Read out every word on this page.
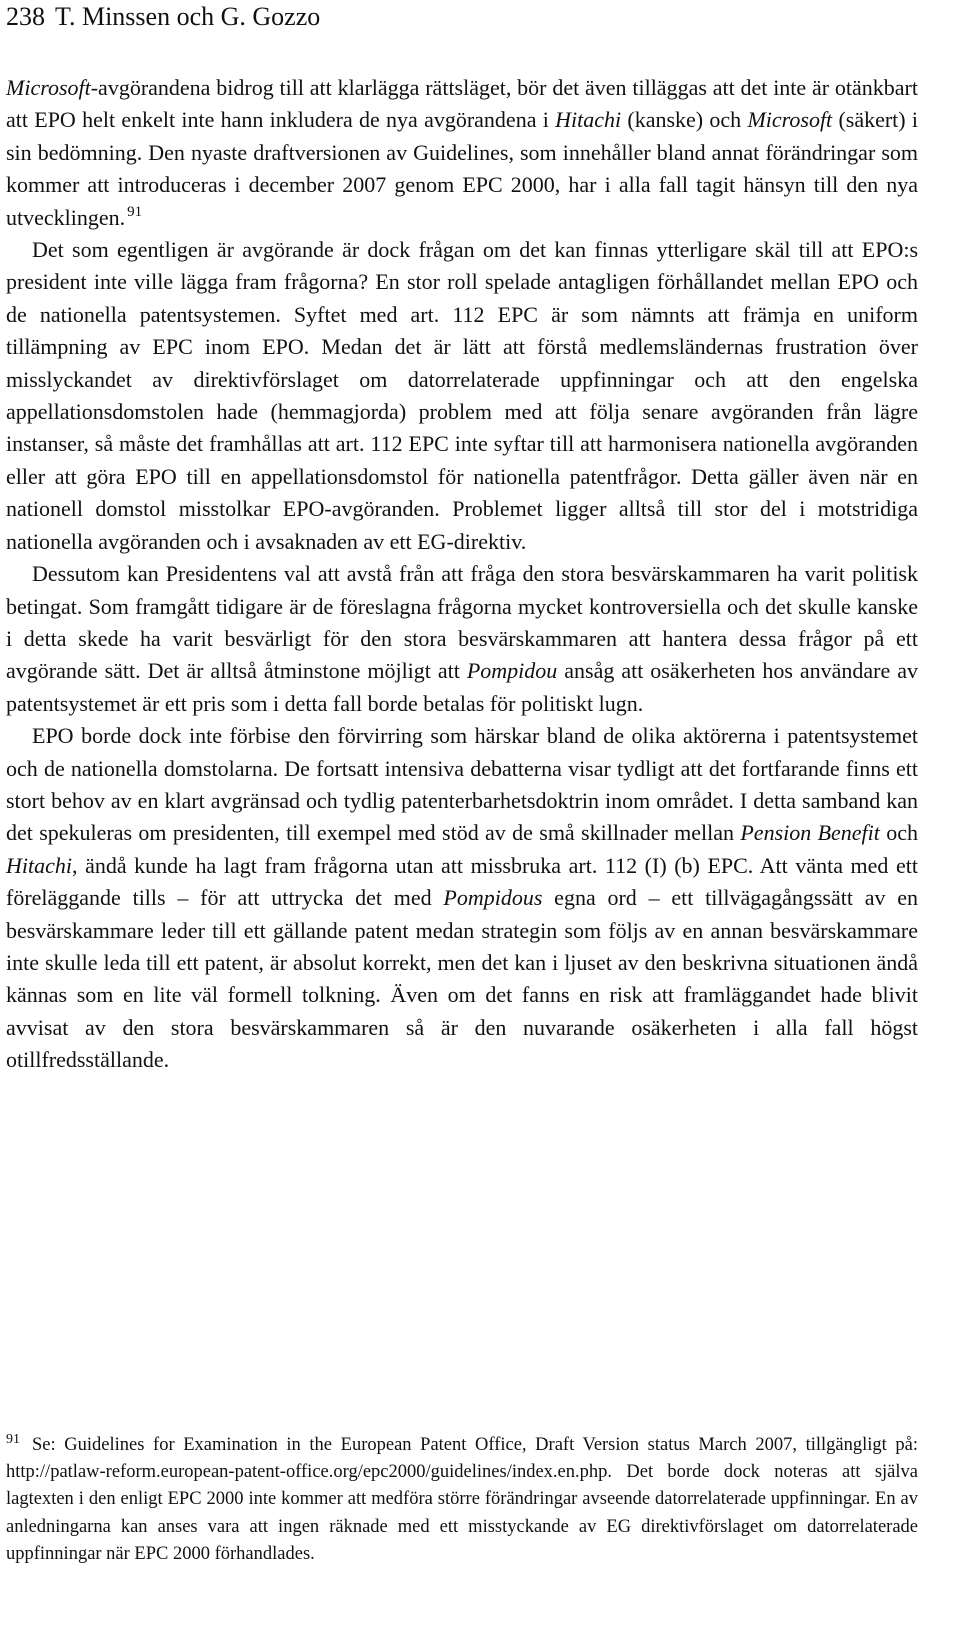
238 T. Minssen och G. Gozzo

Microsoft-avgörandena bidrog till att klarlägga rättsläget, bör det även tilläggas att det inte är otänkbart att EPO helt enkelt inte hann inkludera de nya avgörandena i Hitachi (kanske) och Microsoft (säkert) i sin bedömning. Den nyaste draftversionen av Guidelines, som innehåller bland annat förändringar som kommer att introduceras i december 2007 genom EPC 2000, har i alla fall tagit hänsyn till den nya utvecklingen. $^{91}$

Det som egentligen är avgörande är dock frågan om det kan finnas ytterligare skäl till att EPO:s president inte ville lägga fram frågorna? En stor roll spelade antagligen förhållandet mellan EPO och de nationella patentsystemen. Syftet med art. 112 EPC är som nämnts att främja en uniform tillämpning av EPC inom EPO. Medan det är lätt att förstå medlemsländernas frustration över misslyckandet av direktivförslaget om datorrelaterade uppfinningar och att den engelska appellationsdomstolen hade (hemmagjorda) problem med att följa senare avgöranden från lägre instanser, så måste det framhållas att art. 112 EPC inte syftar till att harmonisera nationella avgöranden eller att göra EPO till en appellationsdomstol för nationella patentfrågor. Detta gäller även när en nationell domstol misstolkar EPO-avgöranden. Problemet ligger alltså till stor del i motstridiga nationella avgöranden och i avsaknaden av ett EG-direktiv.

Dessutom kan Presidentens val att avstå från att fråga den stora besvärskammaren ha varit politisk betingat. Som framgått tidigare är de föreslagna frågorna mycket kontroversiella och det skulle kanske i detta skede ha varit besvärligt för den stora besvärskammaren att hantera dessa frågor på ett avgörande sätt. Det är alltså åtminstone möjligt att Pompidou ansåg att osäkerheten hos användare av patentsystemet är ett pris som i detta fall borde betalas för politiskt lugn.

EPO borde dock inte förbise den förvirring som härskar bland de olika aktörerna i patentsystemet och de nationella domstolarna. De fortsatt intensiva debatterna visar tydligt att det fortfarande finns ett stort behov av en klart avgränsad och tydlig patenterbarhetsdoktrin inom området. I detta samband kan det spekuleras om presidenten, till exempel med stöd av de små skillnader mellan Pension Benefit och Hitachi, ändå kunde ha lagt fram frågorna utan att missbruka art. 112 (I) (b) EPC. Att vänta med ett föreläggande tills – för att uttrycka det med Pompidous egna ord – ett tillvägagångssätt av en besvärskammare leder till ett gällande patent medan strategin som följs av en annan besvärskammare inte skulle leda till ett patent, är absolut korrekt, men det kan i ljuset av den beskrivna situationen ändå kännas som en lite väl formell tolkning. Även om det fanns en risk att framläggandet hade blivit avvisat av den stora besvärskammaren så är den nuvarande osäkerheten i alla fall högst otillfredsställande.

$^{91}$ Se: Guidelines for Examination in the European Patent Office, Draft Version status March 2007, tillgängligt på: http://patlaw-reform.european-patent-office.org/epc2000/guidelines/index.en.php. Det borde dock noteras att själva lagtexten i den enligt EPC 2000 inte kommer att medföra större förändringar avseende datorrelaterade uppfinningar. En av anledningarna kan anses vara att ingen räknade med ett misstyckande av EG direktivförslaget om datorrelaterade uppfinningar när EPC 2000 förhandlades.
